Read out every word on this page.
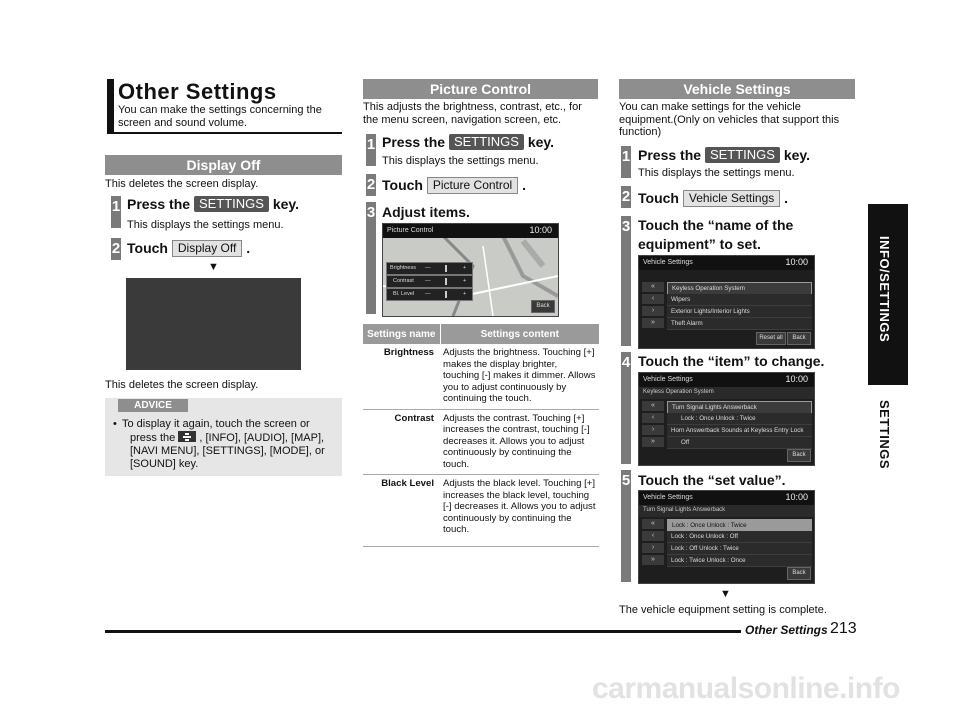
Other Settings
You can make the settings concerning the screen and sound volume.
Display Off
This deletes the screen display.
1 Press the SETTINGS key.
This displays the settings menu.
2 Touch Display Off .
▼
This deletes the screen display.
ADVICE
• To display it again, touch the screen or
press the , [INFO], [AUDIO], [MAP],
[NAVI MENU], [SETTINGS], [MODE], or
[SOUND] key.
Picture Control
This adjusts the brightness, contrast, etc., for the menu screen, navigation screen, etc.
1 Press the SETTINGS key.
This displays the settings menu.
2 Touch Picture Control .
3 Adjust items.
Picture Control	10:00
Brightness —	+
Contrast —	+
Bl. Level —	+
Back
Settings name	Settings content
Brightness	Adjusts the brightness. Touching [+] makes the display brighter, touching [-] makes it dimmer. Allows you to adjust continuously by continuing the touch.
Contrast	Adjusts the contrast. Touching [+] increases the contrast, touching [-] decreases it. Allows you to adjust continuously by continuing the touch.
Black Level	Adjusts the black level. Touching [+] increases the black level, touching [-] decreases it. Allows you to adjust continuously by continuing the touch.
Vehicle Settings
You can make settings for the vehicle equipment.(Only on vehicles that support this function)
1 Press the SETTINGS key.
This displays the settings menu.
2 Touch Vehicle Settings .
3 Touch the “name of the
equipment” to set.
Vehicle Settings	10:00
«
‹
›
»
Keyless Operation System
Wipers
Exterior Lights/Interior Lights
Theft Alarm
Reset all	Back
4 Touch the “item” to change.
Vehicle Settings	10:00
Keyless Operation System
«
‹
›
»
Turn Signal Lights Answerback
Lock : Once Unlock : Twice
Horn Answerback Sounds at Keyless Entry Lock
Off
Back
5 Touch the “set value”.
Vehicle Settings	10:00
Turn Signal Lights Answerback
«
‹
›
»
Lock : Once Unlock : Twice
Lock : Once Unlock : Off
Lock : Off Unlock : Twice
Lock : Twice Unlock : Once
Back
▼
The vehicle equipment setting is complete.
INFO/SETTINGS
SETTINGS
Other Settings 213
carmanualsonline.info
